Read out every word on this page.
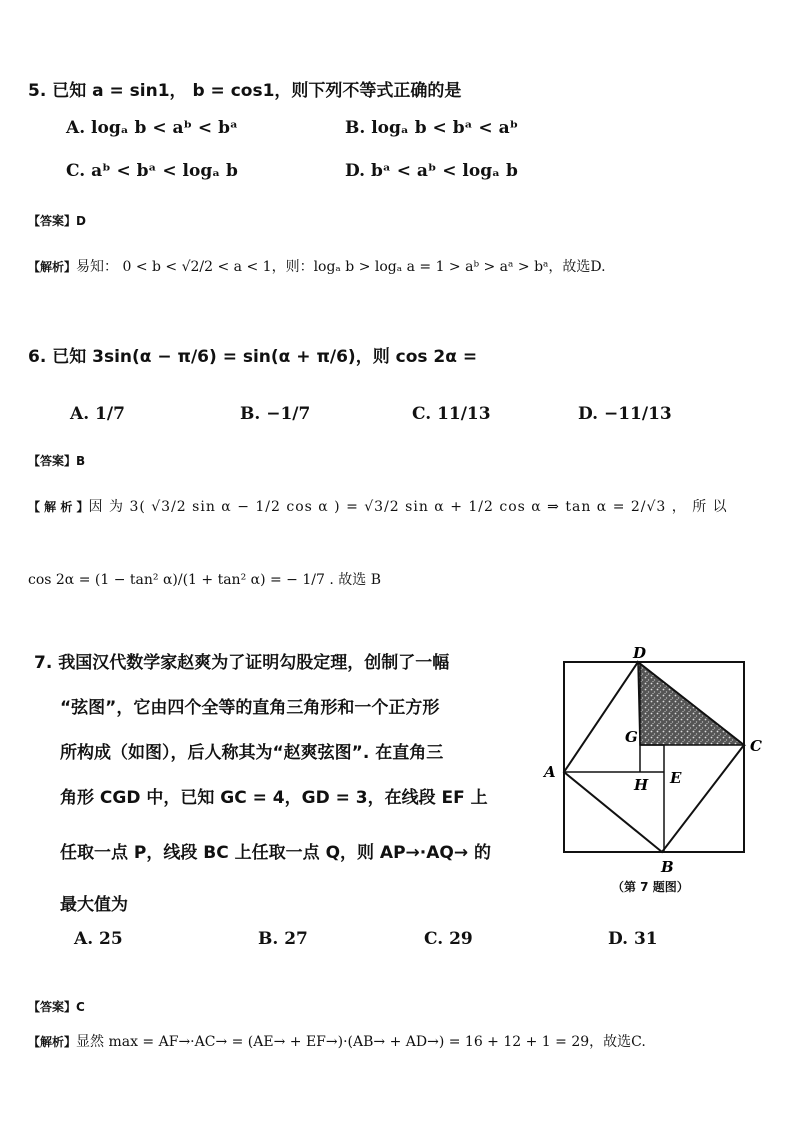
5. 已知 a = sin1， b = cos1，则下列不等式正确的是
A. logₐ b < aᵇ < bᵃ	B. logₐ b < bᵃ < aᵇ
C. aᵇ < bᵃ < logₐ b	D. bᵃ < aᵇ < logₐ b
【答案】D
【解析】易知： 0 < b < √2/2 < a < 1，则：logₐ b > logₐ a = 1 > aᵇ > aᵃ > bᵃ，故选D.
6. 已知 3sin(α − π/6) = sin(α + π/6)，则 cos 2α =
A. 1/7	B. −1/7	C. 11/13	D. −11/13
【答案】B
【 解 析 】因 为 3( √3/2 sin α − 1/2 cos α ) = √3/2 sin α + 1/2 cos α ⇒ tan α = 2/√3 ， 所 以
cos 2α = (1 − tan² α)/(1 + tan² α) = − 1/7 . 故选 B
7. 我国汉代数学家赵爽为了证明勾股定理，创制了一幅
“弦图”，它由四个全等的直角三角形和一个正方形
所构成（如图），后人称其为“赵爽弦图”. 在直角三
角形 CGD 中，已知 GC = 4，GD = 3，在线段 EF 上
任取一点 P，线段 BC 上任取一点 Q，则 AP→·AQ→ 的
最大值为
D
C
A
B
G
H E
（第 7 题图）
A. 25	B. 27	C. 29	D. 31
【答案】C
【解析】显然 max = AF→·AC→ = (AE→ + EF→)·(AB→ + AD→) = 16 + 12 + 1 = 29，故选C.
